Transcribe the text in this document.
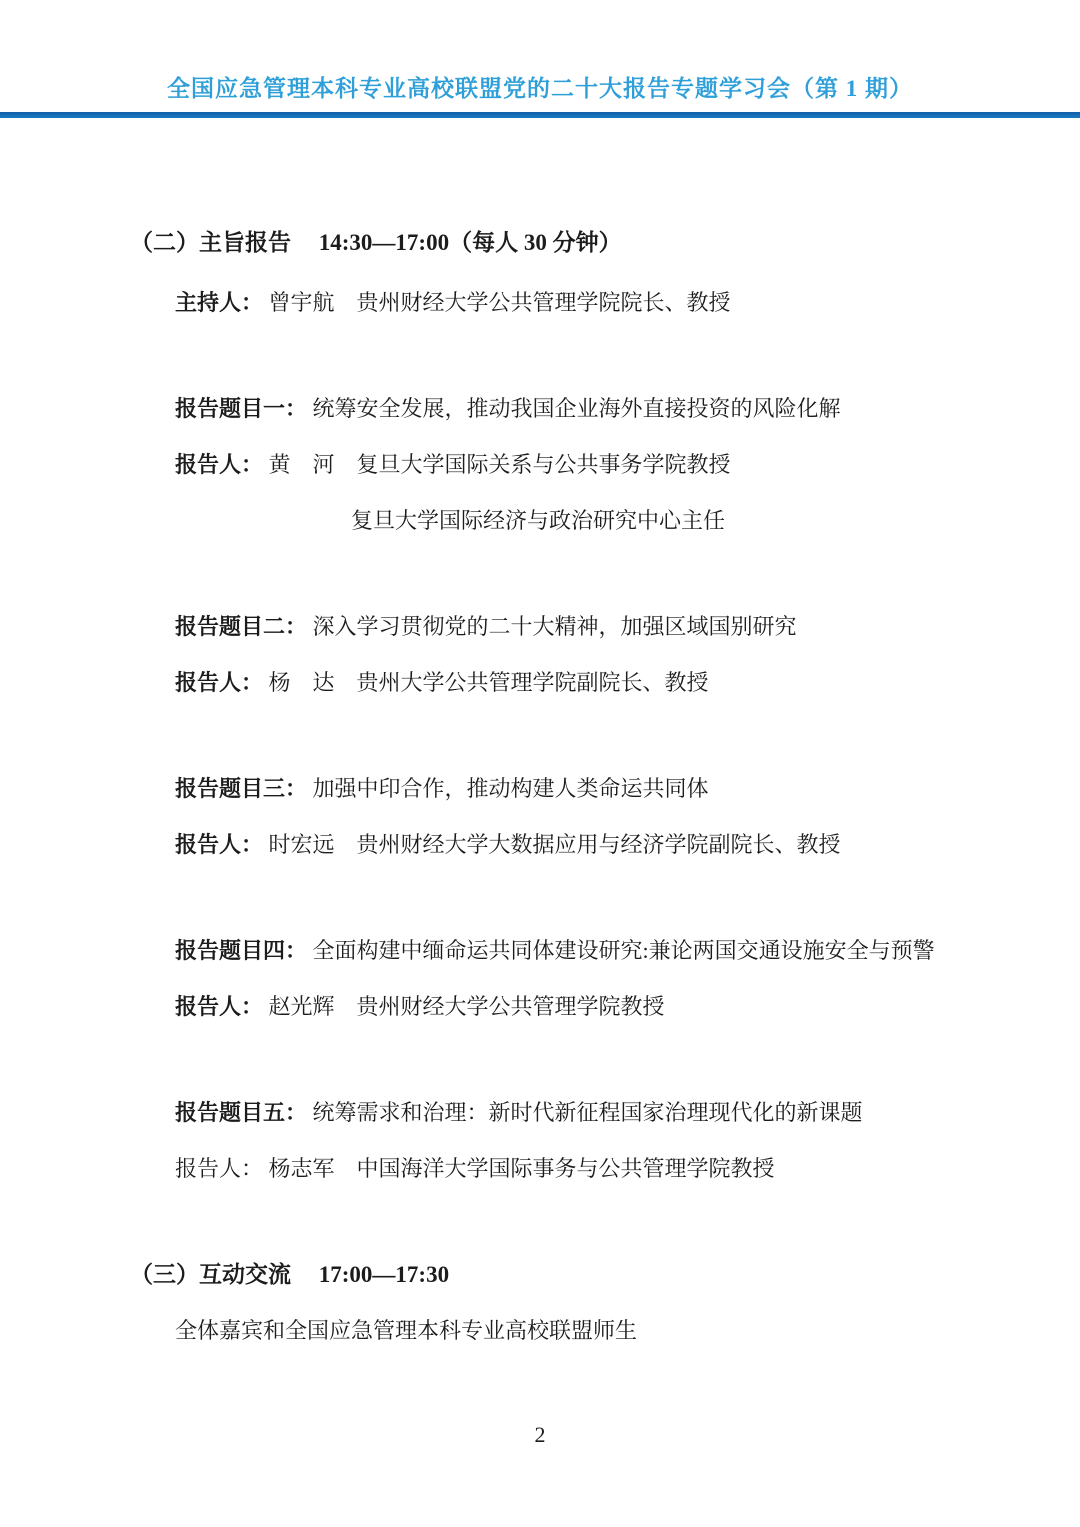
全国应急管理本科专业高校联盟党的二十大报告专题学习会（第 1 期）
（二）主旨报告 14:30—17:00（每人 30 分钟）

主持人： 曾宇航　贵州财经大学公共管理学院院长、教授

报告题目一： 统筹安全发展，推动我国企业海外直接投资的风险化解

报告人： 黄　河　复旦大学国际关系与公共事务学院教授

复旦大学国际经济与政治研究中心主任

报告题目二： 深入学习贯彻党的二十大精神，加强区域国别研究

报告人： 杨　达　贵州大学公共管理学院副院长、教授

报告题目三： 加强中印合作，推动构建人类命运共同体

报告人： 时宏远　贵州财经大学大数据应用与经济学院副院长、教授

报告题目四： 全面构建中缅命运共同体建设研究:兼论两国交通设施安全与预警

报告人： 赵光辉　贵州财经大学公共管理学院教授

报告题目五： 统筹需求和治理：新时代新征程国家治理现代化的新课题

报告人： 杨志军　中国海洋大学国际事务与公共管理学院教授

（三）互动交流 17:00—17:30

全体嘉宾和全国应急管理本科专业高校联盟师生

2
